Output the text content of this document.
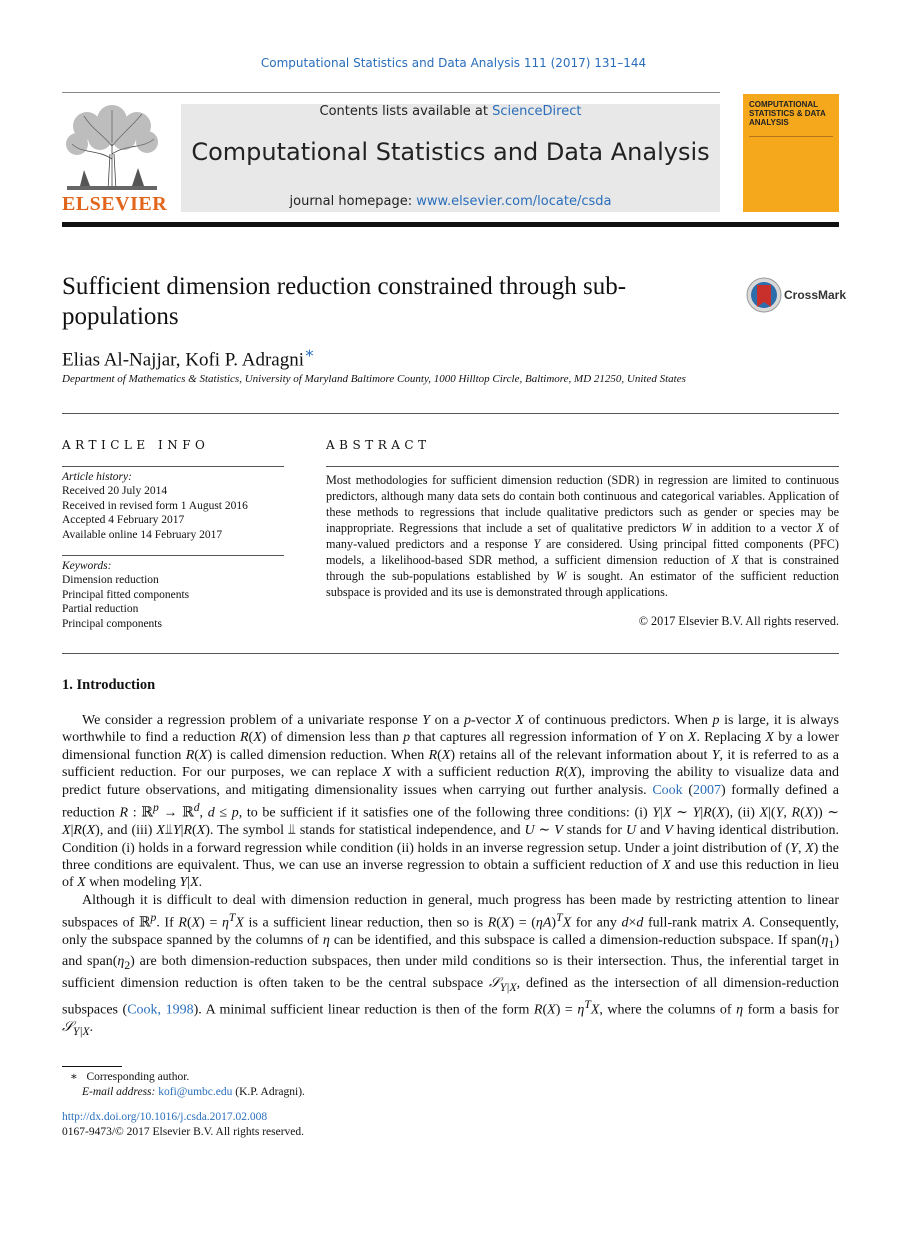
Computational Statistics and Data Analysis 111 (2017) 131–144
ELSEVIER
Contents lists available at ScienceDirect
Computational Statistics and Data Analysis
journal homepage: www.elsevier.com/locate/csda
COMPUTATIONAL STATISTICS & DATA ANALYSIS
Sufficient dimension reduction constrained through sub-populations
CrossMark
Elias Al-Najjar, Kofi P. Adragni∗
Department of Mathematics & Statistics, University of Maryland Baltimore County, 1000 Hilltop Circle, Baltimore, MD 21250, United States
ARTICLE INFO	ABSTRACT
Article history:
Received 20 July 2014
Received in revised form 1 August 2016
Accepted 4 February 2017
Available online 14 February 2017
Keywords:
Dimension reduction
Principal fitted components
Partial reduction
Principal components
Most methodologies for sufficient dimension reduction (SDR) in regression are limited to continuous predictors, although many data sets do contain both continuous and categorical variables. Application of these methods to regressions that include qualitative predictors such as gender or species may be inappropriate. Regressions that include a set of qualitative predictors W in addition to a vector X of many-valued predictors and a response Y are considered. Using principal fitted components (PFC) models, a likelihood-based SDR method, a sufficient dimension reduction of X that is constrained through the sub-populations established by W is sought. An estimator of the sufficient reduction subspace is provided and its use is demonstrated through applications.
© 2017 Elsevier B.V. All rights reserved.
1. Introduction

We consider a regression problem of a univariate response Y on a p-vector X of continuous predictors. When p is large, it is always worthwhile to find a reduction R(X) of dimension less than p that captures all regression information of Y on X. Replacing X by a lower dimensional function R(X) is called dimension reduction. When R(X) retains all of the relevant information about Y, it is referred to as a sufficient reduction. For our purposes, we can replace X with a sufficient reduction R(X), improving the ability to visualize data and predict future observations, and mitigating dimensionality issues when carrying out further analysis. Cook (2007) formally defined a reduction R : ℝ$^p$ → ℝ$^d$, d ≤ p, to be sufficient if it satisfies one of the following three conditions: (i) Y|X ∼ Y|R(X), (ii) X|(Y, R(X)) ∼ X|R(X), and (iii) X⫫Y|R(X). The symbol ⫫ stands for statistical independence, and U ∼ V stands for U and V having identical distribution. Condition (i) holds in a forward regression while condition (ii) holds in an inverse regression setup. Under a joint distribution of (Y, X) the three conditions are equivalent. Thus, we can use an inverse regression to obtain a sufficient reduction of X and use this reduction in lieu of X when modeling Y|X.

Although it is difficult to deal with dimension reduction in general, much progress has been made by restricting attention to linear subspaces of ℝ$^p$. If $R(X) = \eta^TX$ is a sufficient linear reduction, then so is $R(X) = (\eta A)^TX$ for any d×d full-rank matrix A. Consequently, only the subspace spanned by the columns of η can be identified, and this subspace is called a dimension-reduction subspace. If $span(\eta_1)$ and $span(\eta_2)$ are both dimension-reduction subspaces, then under mild conditions so is their intersection. Thus, the inferential target in sufficient dimension reduction is often taken to be the central subspace 𝒮$_{Y|X}$, defined as the intersection of all dimension-reduction subspaces (Cook, 1998). A minimal sufficient linear reduction is then of the form $R(X) = \eta^TX$, where the columns of η form a basis for 𝒮$_{Y|X}$.

∗ Corresponding author.
E-mail address: kofi@umbc.edu (K.P. Adragni).
http://dx.doi.org/10.1016/j.csda.2017.02.008
0167-9473/© 2017 Elsevier B.V. All rights reserved.
